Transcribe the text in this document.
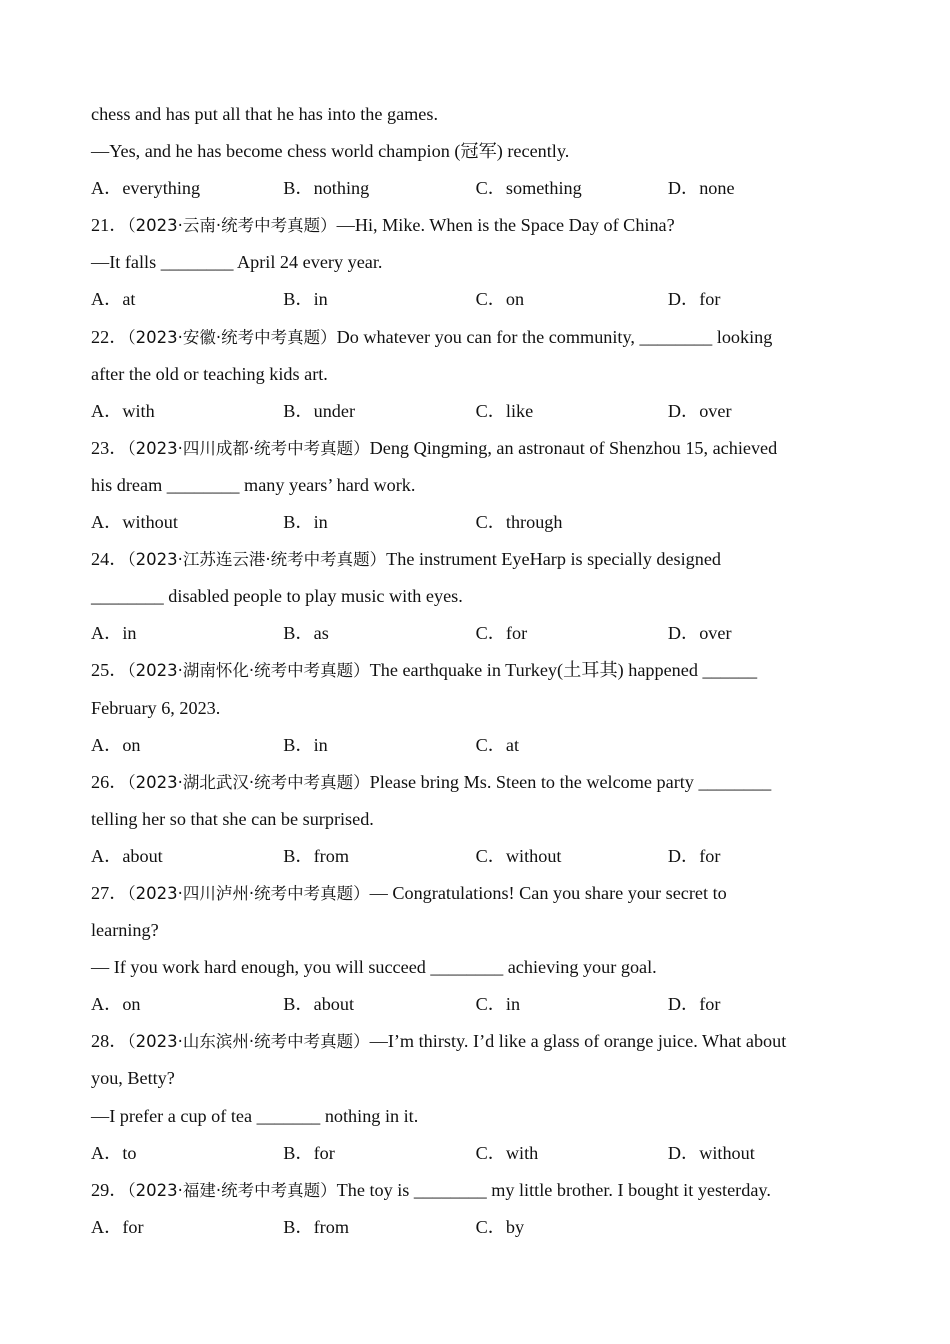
chess and has put all that he has into the games.
—Yes, and he has become chess world champion (冠军) recently.
A．everything	B．nothing	C．something	D．none
21．（2023·云南·统考中考真题）—Hi, Mike. When is the Space Day of China?
—It falls ________ April 24 every year.
A．at	B．in	C．on	D．for
22．（2023·安徽·统考中考真题）Do whatever you can for the community, ________ looking
after the old or teaching kids art.
A．with	B．under	C．like	D．over
23．（2023·四川成都·统考中考真题）Deng Qingming, an astronaut of Shenzhou 15, achieved
his dream ________ many years’ hard work.
A．without	B．in	C．through
24．（2023·江苏连云港·统考中考真题）The instrument EyeHarp is specially designed
________ disabled people to play music with eyes.
A．in	B．as	C．for	D．over
25．（2023·湖南怀化·统考中考真题）The earthquake in Turkey(土耳其) happened ______
February 6, 2023.
A．on	B．in	C．at
26．（2023·湖北武汉·统考中考真题）Please bring Ms. Steen to the welcome party ________
telling her so that she can be surprised.
A．about	B．from	C．without	D．for
27．（2023·四川泸州·统考中考真题）— Congratulations! Can you share your secret to
learning?
— If you work hard enough, you will succeed ________ achieving your goal.
A．on	B．about	C．in	D．for
28．（2023·山东滨州·统考中考真题）—I’m thirsty. I’d like a glass of orange juice. What about
you, Betty?
—I prefer a cup of tea _______ nothing in it.
A．to	B．for	C．with	D．without
29．（2023·福建·统考中考真题）The toy is ________ my little brother. I bought it yesterday.
A．for	B．from	C．by
